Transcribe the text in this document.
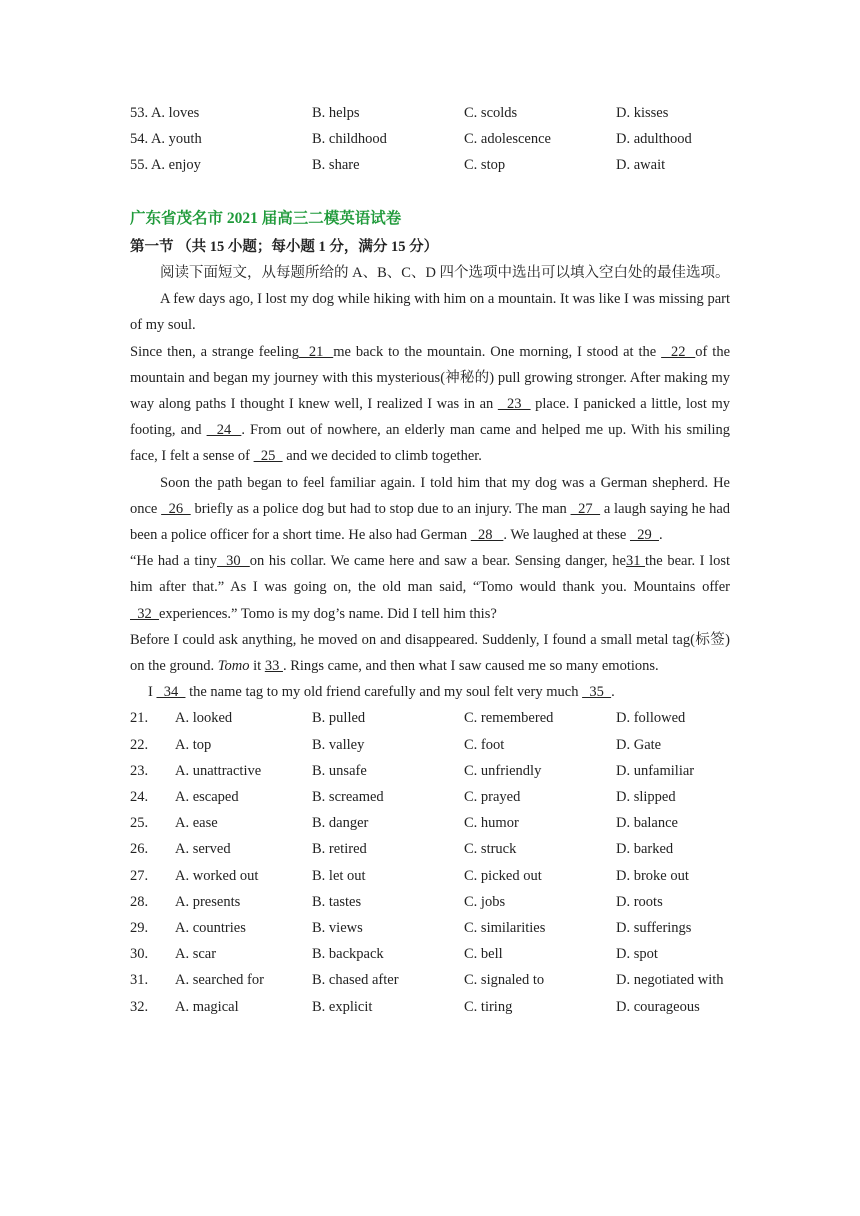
53. A. loves	B. helps	C. scolds	D. kisses
54. A. youth	B. childhood	C. adolescence	D. adulthood
55. A. enjoy	B. share	C. stop	D. await
广东省茂名市 2021 届高三二模英语试卷
第一节 （共 15 小题；每小题 1 分，满分 15 分）
阅读下面短文，从每题所给的 A、B、C、D 四个选项中选出可以填入空白处的最佳选项。
A few days ago, I lost my dog while hiking with him on a mountain. It was like I was missing part of my soul.
Since then, a strange feeling  21  me back to the mountain. One morning, I stood at the   22  of the mountain and began my journey with this mysterious(神秘的) pull growing stronger. After making my way along paths I thought I knew well, I realized I was in an   23   place. I panicked a little, lost my footing, and   24  . From out of nowhere, an elderly man came and helped me up. With his smiling face, I felt a sense of   25   and we decided to climb together.
Soon the path began to feel familiar again. I told him that my dog was a German shepherd. He once   26   briefly as a police dog but had to stop due to an injury. The man   27   a laugh saying he had been a police officer for a short time. He also had German   28   . We laughed at these   29  .
“He had a tiny  30  on his collar. We came here and saw a bear. Sensing danger, he31 the bear. I lost him after that.” As I was going on, the old man said, “Tomo would thank you. Mountains offer  32  experiences.” Tomo is my dog’s name. Did I tell him this?
Before I could ask anything, he moved on and disappeared. Suddenly, I found a small metal tag(标签) on the ground. Tomo it 33 . Rings came, and then what I saw caused me so many emotions.
I   34   the name tag to my old friend carefully and my soul felt very much   35  .
21. A. looked	B. pulled	C. remembered	D. followed
22. A. top	B. valley	C. foot	D. Gate
23. A. unattractive	B. unsafe	C. unfriendly	D. unfamiliar
24. A. escaped	B. screamed	C. prayed	D. slipped
25. A. ease	B. danger	C. humor	D. balance
26. A. served	B. retired	C. struck	D. barked
27. A. worked out	B. let out	C. picked out	D. broke out
28. A. presents	B. tastes	C. jobs	D. roots
29. A. countries	B. views	C. similarities	D. sufferings
30. A. scar	B. backpack	C. bell	D. spot
31. A. searched for	B. chased after	C. signaled to	D. negotiated with
32. A. magical	B. explicit	C. tiring	D. courageous
